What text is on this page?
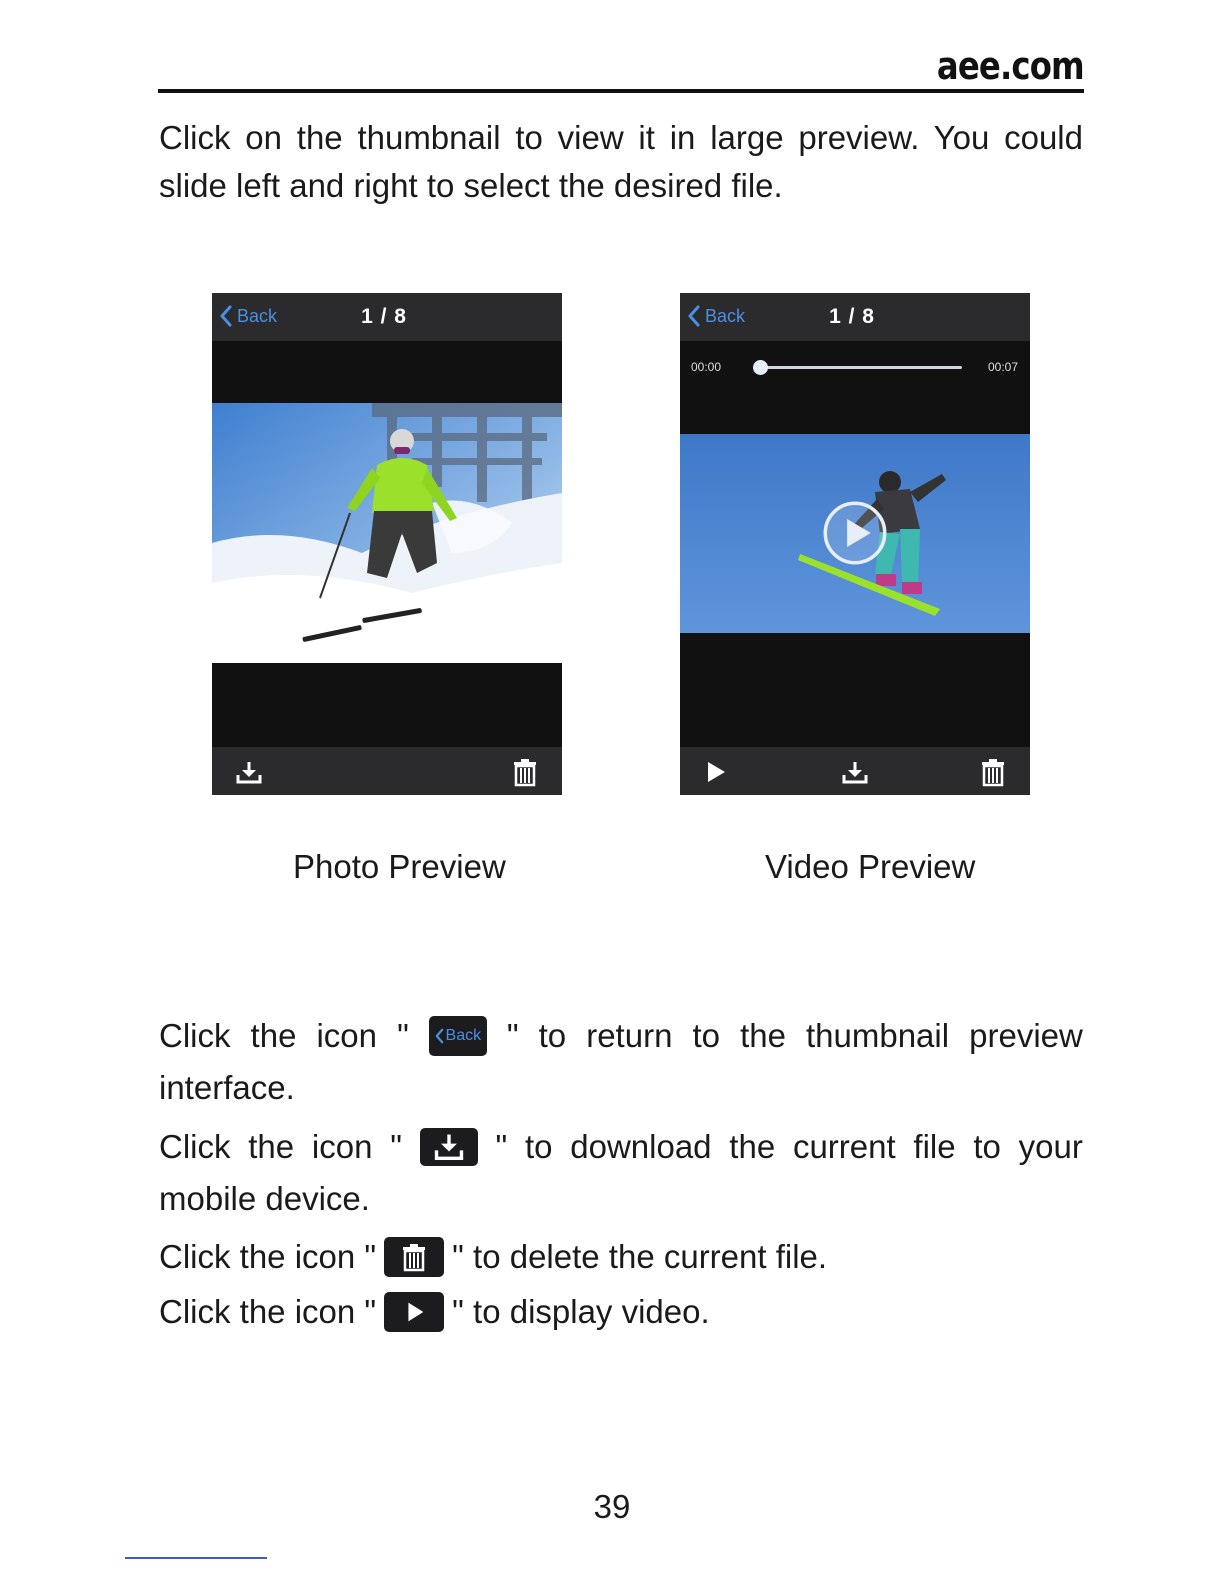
aee.com

Click on the thumbnail to view it in large preview. You could slide left and right to select the desired file.

Back	1 / 8	Back	1 / 8
00:00	00:07
Photo Preview	Video Preview
Click the icon " Back " to return to the thumbnail preview
interface.
Click the icon "	" to download the current file to your
mobile device.
Click the icon " " to delete the current file.
Click the icon " " to display video.
39
